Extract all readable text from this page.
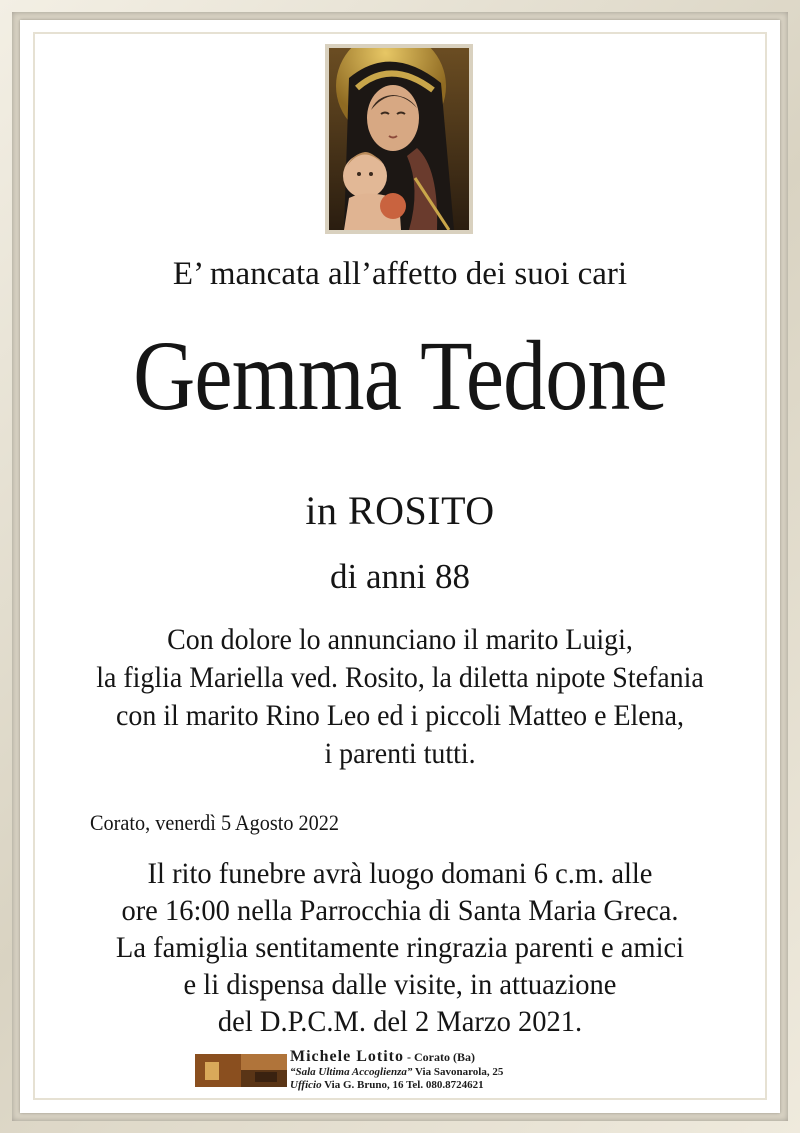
E’ mancata all’affetto dei suoi cari
Gemma Tedone
in ROSITO
di anni 88
Con dolore lo annunciano il marito Luigi,
la figlia Mariella ved. Rosito, la diletta nipote Stefania
con il marito Rino Leo ed i piccoli Matteo e Elena,
i parenti tutti.
Corato, venerdì 5 Agosto 2022
Il rito funebre avrà luogo domani 6 c.m. alle
ore 16:00 nella Parrocchia di Santa Maria Greca.
La famiglia sentitamente ringrazia parenti e amici
e li dispensa dalle visite, in attuazione
del D.P.C.M. del 2 Marzo 2021.
Michele Lotito - Corato (Ba)
“Sala Ultima Accoglienza” Via Savonarola, 25
Ufficio Via G. Bruno, 16 Tel. 080.8724621
